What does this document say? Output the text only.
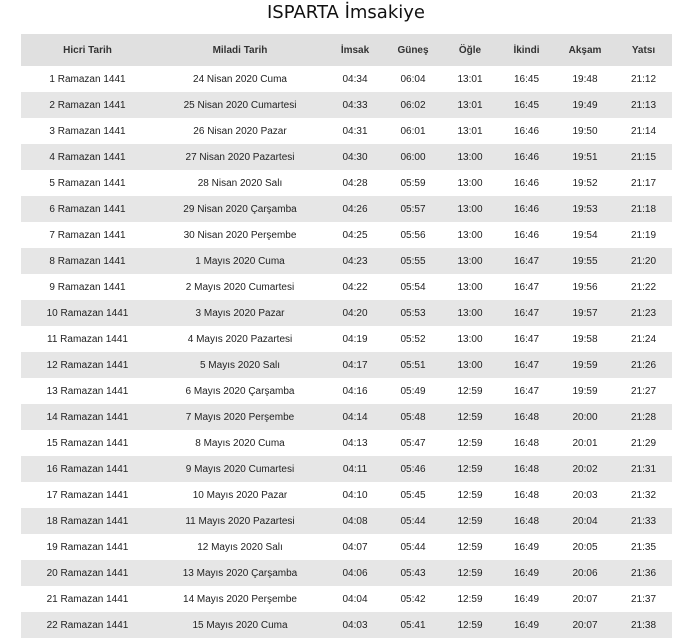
ISPARTA İmsakiye
Hicri Tarih	Miladi Tarih	İmsak	Güneş	Öğle	İkindi	Akşam	Yatsı
1 Ramazan 1441	24 Nisan 2020 Cuma	04:34	06:04	13:01	16:45	19:48	21:12
2 Ramazan 1441	25 Nisan 2020 Cumartesi	04:33	06:02	13:01	16:45	19:49	21:13
3 Ramazan 1441	26 Nisan 2020 Pazar	04:31	06:01	13:01	16:46	19:50	21:14
4 Ramazan 1441	27 Nisan 2020 Pazartesi	04:30	06:00	13:00	16:46	19:51	21:15
5 Ramazan 1441	28 Nisan 2020 Salı	04:28	05:59	13:00	16:46	19:52	21:17
6 Ramazan 1441	29 Nisan 2020 Çarşamba	04:26	05:57	13:00	16:46	19:53	21:18
7 Ramazan 1441	30 Nisan 2020 Perşembe	04:25	05:56	13:00	16:46	19:54	21:19
8 Ramazan 1441	1 Mayıs 2020 Cuma	04:23	05:55	13:00	16:47	19:55	21:20
9 Ramazan 1441	2 Mayıs 2020 Cumartesi	04:22	05:54	13:00	16:47	19:56	21:22
10 Ramazan 1441	3 Mayıs 2020 Pazar	04:20	05:53	13:00	16:47	19:57	21:23
11 Ramazan 1441	4 Mayıs 2020 Pazartesi	04:19	05:52	13:00	16:47	19:58	21:24
12 Ramazan 1441	5 Mayıs 2020 Salı	04:17	05:51	13:00	16:47	19:59	21:26
13 Ramazan 1441	6 Mayıs 2020 Çarşamba	04:16	05:49	12:59	16:47	19:59	21:27
14 Ramazan 1441	7 Mayıs 2020 Perşembe	04:14	05:48	12:59	16:48	20:00	21:28
15 Ramazan 1441	8 Mayıs 2020 Cuma	04:13	05:47	12:59	16:48	20:01	21:29
16 Ramazan 1441	9 Mayıs 2020 Cumartesi	04:11	05:46	12:59	16:48	20:02	21:31
17 Ramazan 1441	10 Mayıs 2020 Pazar	04:10	05:45	12:59	16:48	20:03	21:32
18 Ramazan 1441	11 Mayıs 2020 Pazartesi	04:08	05:44	12:59	16:48	20:04	21:33
19 Ramazan 1441	12 Mayıs 2020 Salı	04:07	05:44	12:59	16:49	20:05	21:35
20 Ramazan 1441	13 Mayıs 2020 Çarşamba	04:06	05:43	12:59	16:49	20:06	21:36
21 Ramazan 1441	14 Mayıs 2020 Perşembe	04:04	05:42	12:59	16:49	20:07	21:37
22 Ramazan 1441	15 Mayıs 2020 Cuma	04:03	05:41	12:59	16:49	20:07	21:38
